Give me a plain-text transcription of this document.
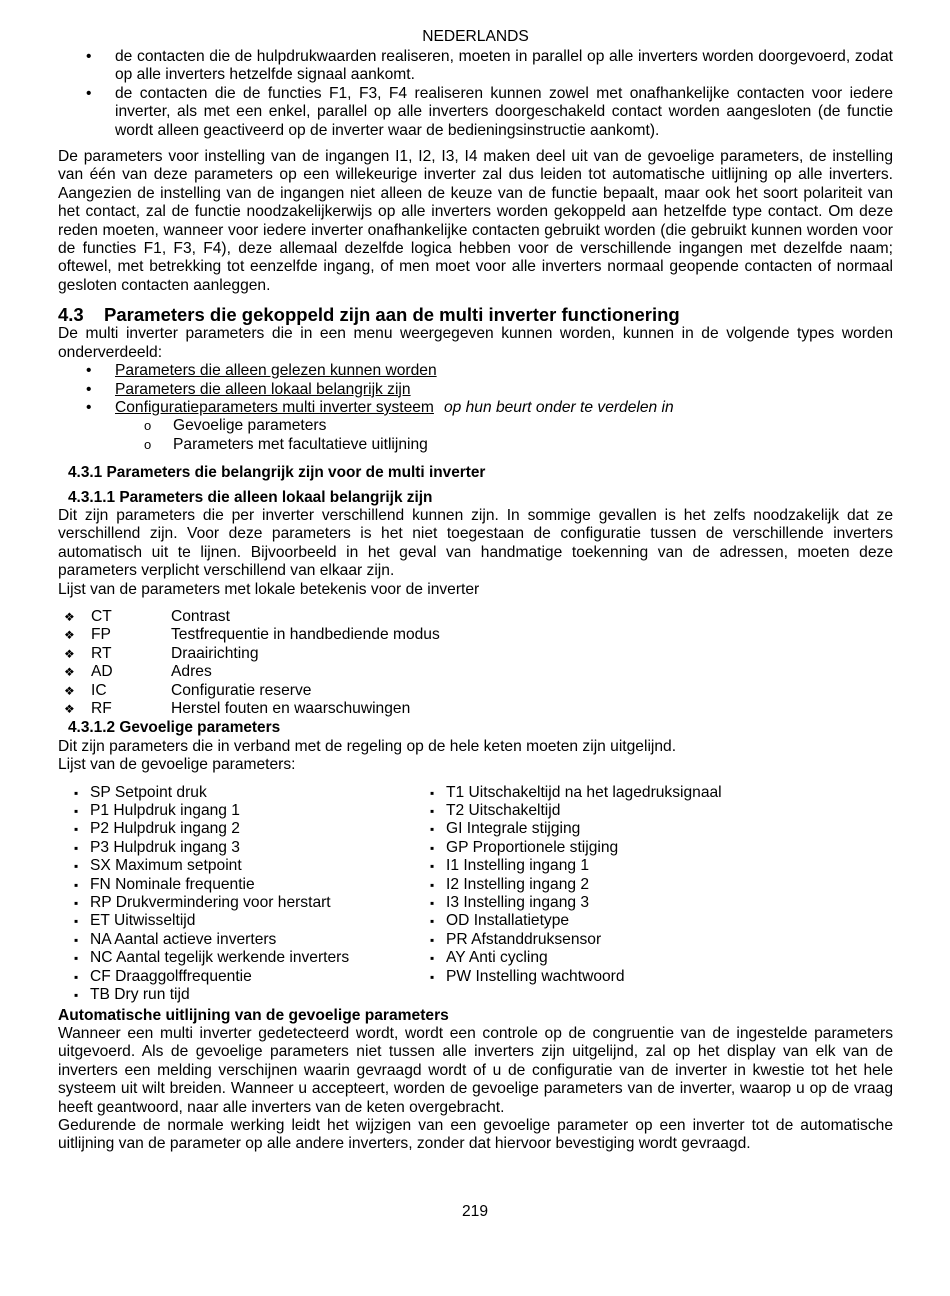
NEDERLANDS
• de contacten die de hulpdrukwaarden realiseren, moeten in parallel op alle inverters worden doorgevoerd, zodat op alle inverters hetzelfde signaal aankomt.
• de contacten die de functies F1, F3, F4 realiseren kunnen zowel met onafhankelijke contacten voor iedere inverter, als met een enkel, parallel op alle inverters doorgeschakeld contact worden aangesloten (de functie wordt alleen geactiveerd op de inverter waar de bedieningsinstructie aankomt).

De parameters voor instelling van de ingangen I1, I2, I3, I4 maken deel uit van de gevoelige parameters, de instelling van één van deze parameters op een willekeurige inverter zal dus leiden tot automatische uitlijning op alle inverters. Aangezien de instelling van de ingangen niet alleen de keuze van de functie bepaalt, maar ook het soort polariteit van het contact, zal de functie noodzakelijkerwijs op alle inverters worden gekoppeld aan hetzelfde type contact. Om deze reden moeten, wanneer voor iedere inverter onafhankelijke contacten gebruikt worden (die gebruikt kunnen worden voor de functies F1, F3, F4), deze allemaal dezelfde logica hebben voor de verschillende ingangen met dezelfde naam; oftewel, met betrekking tot eenzelfde ingang, of men moet voor alle inverters normaal geopende contacten of normaal gesloten contacten aanleggen.

4.3 Parameters die gekoppeld zijn aan de multi inverter functionering

De multi inverter parameters die in een menu weergegeven kunnen worden, kunnen in de volgende types worden onderverdeeld:

• Parameters die alleen gelezen kunnen worden
• Parameters die alleen lokaal belangrijk zijn
• Configuratieparameters multi inverter systeem op hun beurt onder te verdelen in
o Gevoelige parameters
o Parameters met facultatieve uitlijning
4.3.1 Parameters die belangrijk zijn voor de multi inverter
4.3.1.1 Parameters die alleen lokaal belangrijk zijn

Dit zijn parameters die per inverter verschillend kunnen zijn. In sommige gevallen is het zelfs noodzakelijk dat ze verschillend zijn. Voor deze parameters is het niet toegestaan de configuratie tussen de verschillende inverters automatisch uit te lijnen. Bijvoorbeeld in het geval van handmatige toekenning van de adressen, moeten deze parameters verplicht verschillend van elkaar zijn.

Lijst van de parameters met lokale betekenis voor de inverter

❖ CT	Contrast
❖ FP	Testfrequentie in handbediende modus
❖ RT	Draairichting
❖ AD	Adres
❖ IC	Configuratie reserve
❖ RF	Herstel fouten en waarschuwingen
4.3.1.2 Gevoelige parameters

Dit zijn parameters die in verband met de regeling op de hele keten moeten zijn uitgelijnd.

Lijst van de gevoelige parameters:

▪ SP Setpoint druk
▪ P1 Hulpdruk ingang 1
▪ P2 Hulpdruk ingang 2
▪ P3 Hulpdruk ingang 3
▪ SX Maximum setpoint
▪ FN Nominale frequentie
▪ RP Drukvermindering voor herstart
▪ ET Uitwisseltijd
▪ NA Aantal actieve inverters
▪ NC Aantal tegelijk werkende inverters
▪ CF Draaggolffrequentie
▪ TB Dry run tijd
▪ T1 Uitschakeltijd na het lagedruksignaal
▪ T2 Uitschakeltijd
▪ GI Integrale stijging
▪ GP Proportionele stijging
▪ I1 Instelling ingang 1
▪ I2 Instelling ingang 2
▪ I3 Instelling ingang 3
▪ OD Installatietype
▪ PR Afstanddruksensor
▪ AY Anti cycling
▪ PW Instelling wachtwoord

Automatische uitlijning van de gevoelige parameters

Wanneer een multi inverter gedetecteerd wordt, wordt een controle op de congruentie van de ingestelde parameters uitgevoerd. Als de gevoelige parameters niet tussen alle inverters zijn uitgelijnd, zal op het display van elk van de inverters een melding verschijnen waarin gevraagd wordt of u de configuratie van de inverter in kwestie tot het hele systeem uit wilt breiden. Wanneer u accepteert, worden de gevoelige parameters van de inverter, waarop u op de vraag heeft geantwoord, naar alle inverters van de keten overgebracht.

Gedurende de normale werking leidt het wijzigen van een gevoelige parameter op een inverter tot de automatische uitlijning van de parameter op alle andere inverters, zonder dat hiervoor bevestiging wordt gevraagd.

219
